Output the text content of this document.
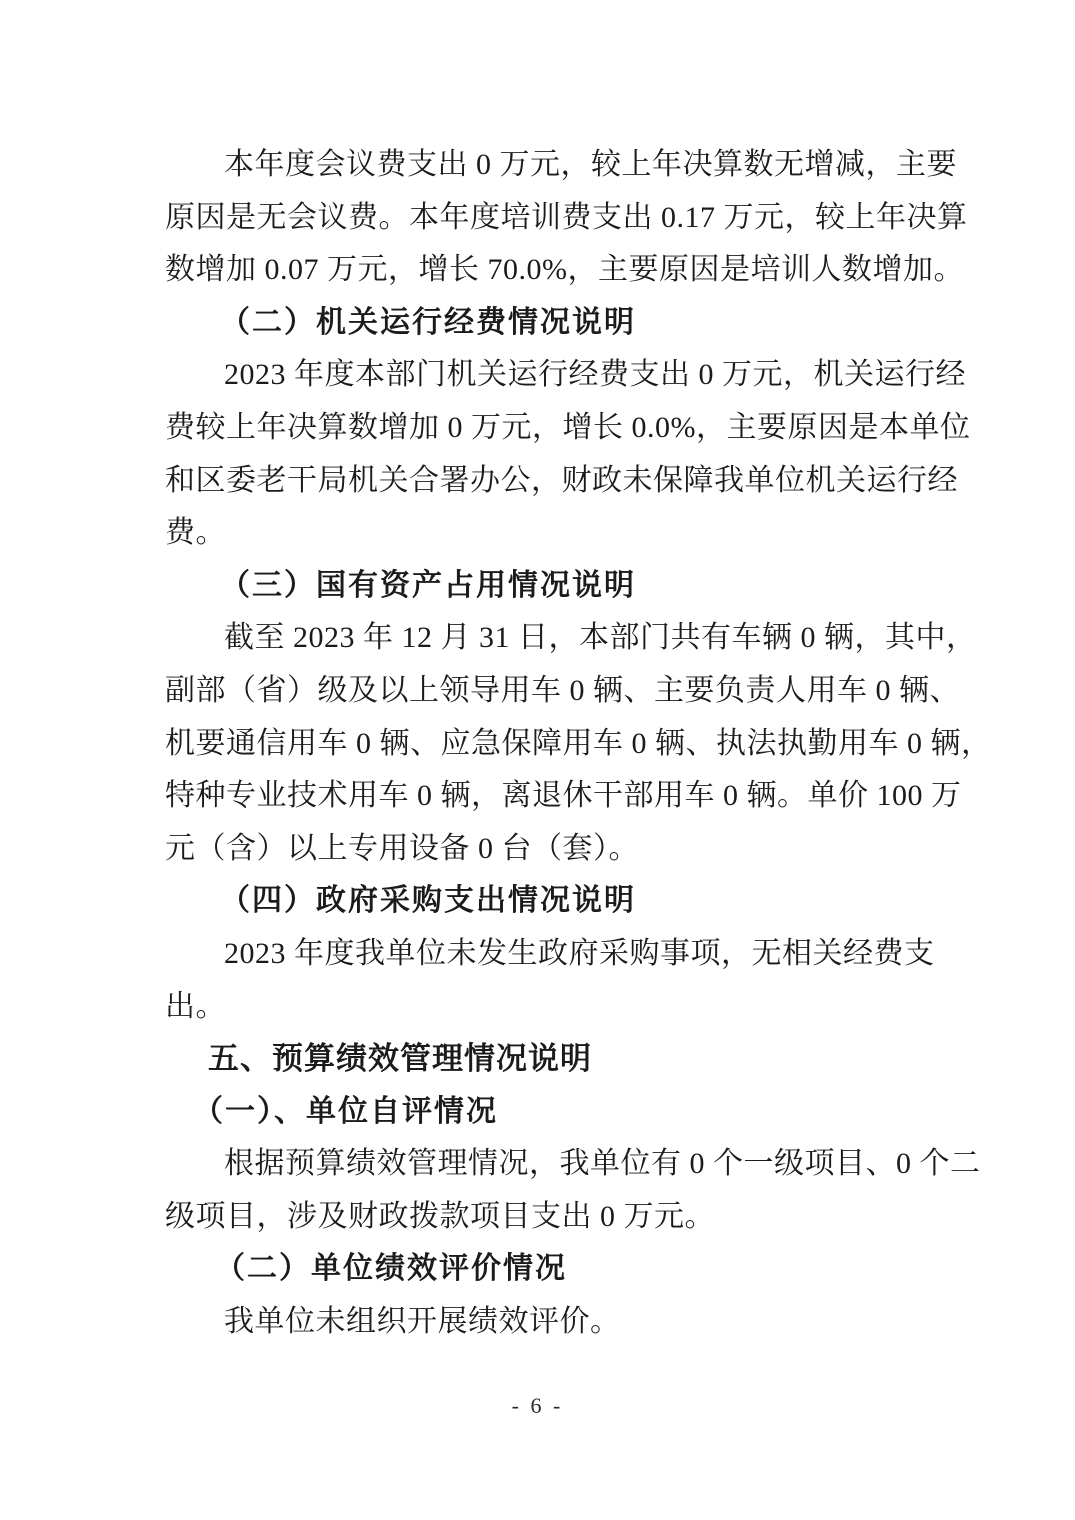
本年度会议费支出 0 万元，较上年决算数无增减，主要
原因是无会议费。本年度培训费支出 0.17 万元，较上年决算
数增加 0.07 万元，增长 70.0%，主要原因是培训人数增加。
（二）机关运行经费情况说明
2023 年度本部门机关运行经费支出 0 万元，机关运行经
费较上年决算数增加 0 万元，增长 0.0%，主要原因是本单位
和区委老干局机关合署办公，财政未保障我单位机关运行经
费。
（三）国有资产占用情况说明
截至 2023 年 12 月 31 日，本部门共有车辆 0 辆，其中，
副部（省）级及以上领导用车 0 辆、主要负责人用车 0 辆、
机要通信用车 0 辆、应急保障用车 0 辆、执法执勤用车 0 辆，
特种专业技术用车 0 辆，离退休干部用车 0 辆。单价 100 万
元（含）以上专用设备 0 台（套）。
（四）政府采购支出情况说明
2023 年度我单位未发生政府采购事项，无相关经费支
出。
五、预算绩效管理情况说明
（一）、单位自评情况
根据预算绩效管理情况，我单位有 0 个一级项目、0 个二
级项目，涉及财政拨款项目支出 0 万元。
（二）单位绩效评价情况
我单位未组织开展绩效评价。
- 6 -
